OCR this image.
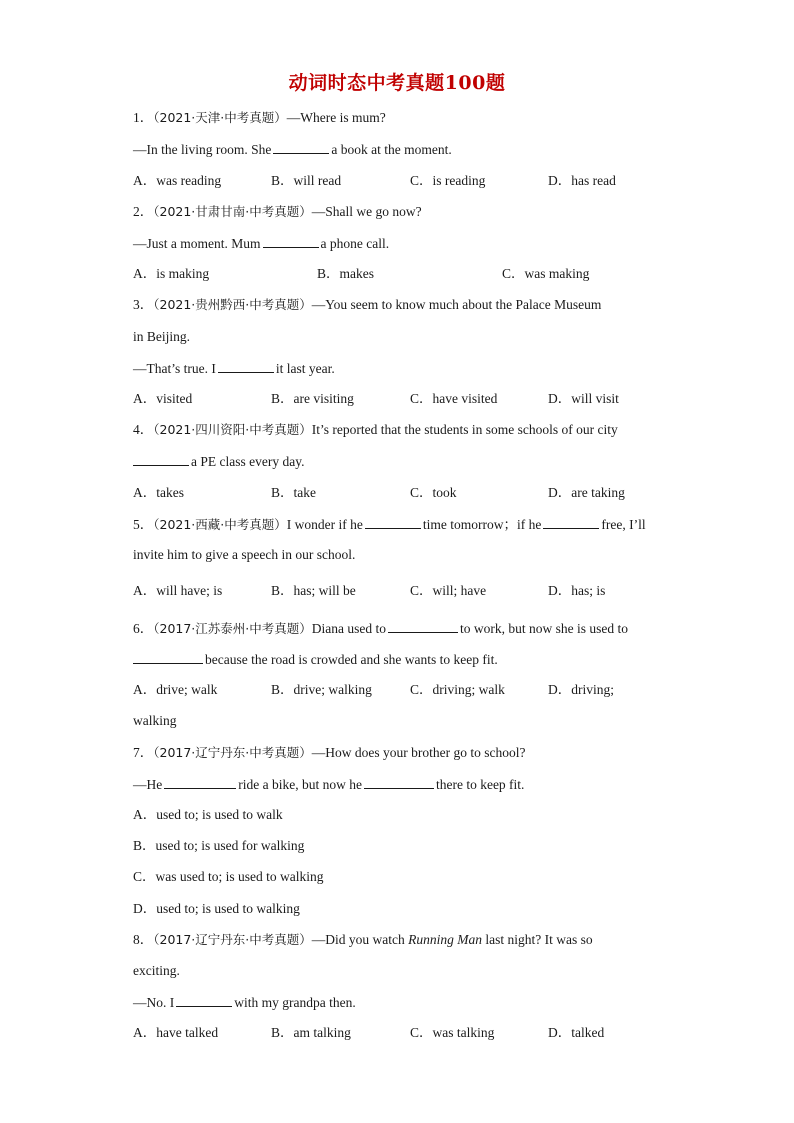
动词时态中考真题100题
1．（2021·天津·中考真题）—Where is mum?
—In the living room. She	a book at the moment.
A．was reading	B．will read	C．is reading	D．has read
2．（2021·甘肃甘南·中考真题）—Shall we go now?
—Just a moment. Mum	a phone call.
A．is making	B．makes	C．was making
3．（2021·贵州黔西·中考真题）—You seem to know much about the Palace Museum
in Beijing.
—That’s true. I	it last year.
A．visited	B．are visiting	C．have visited	D．will visit
4．（2021·四川资阳·中考真题）It’s reported that the students in some schools of our city
a PE class every day.
A．takes	B．take	C．took	D．are taking
5．（2021·西藏·中考真题）I wonder if he	time tomorrow；if he	free, I’ll
invite him to give a speech in our school.
A．will have; is	B．has; will be	C．will; have	D．has; is
6．（2017·江苏泰州·中考真题）Diana used to	to work, but now she is used to
because the road is crowded and she wants to keep fit.
A．drive; walk	B．drive; walking	C．driving; walk	D．driving;
walking
7．（2017·辽宁丹东·中考真题）—How does your brother go to school?
—He	ride a bike, but now he	there to keep fit.
A．used to; is used to walk
B．used to; is used for walking
C．was used to; is used to walking
D．used to; is used to walking
8．（2017·辽宁丹东·中考真题）—Did you watch Running Man last night? It was so
exciting.
—No. I	with my grandpa then.
A．have talked	B．am talking	C．was talking	D．talked
